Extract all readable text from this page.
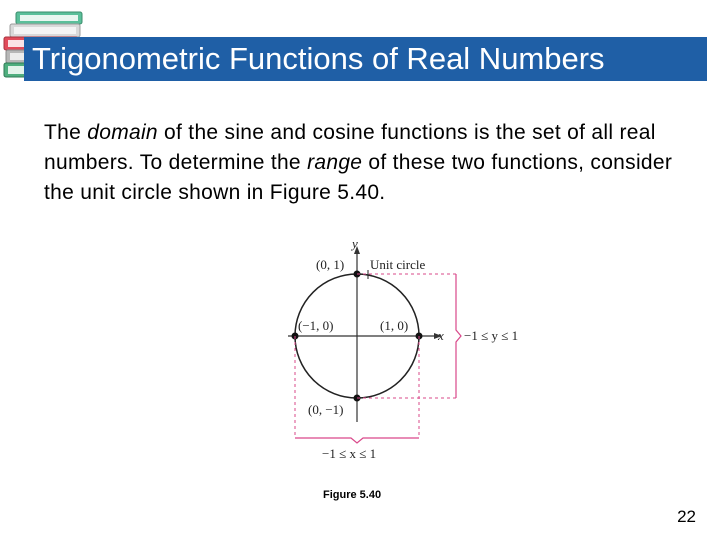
Trigonometric Functions of Real Numbers
The domain of the sine and cosine functions is the set of all real numbers. To determine the range of these two functions, consider the unit circle shown in Figure 5.40.
y
x
(0, 1) Unit circle
(−1, 0)	(1, 0)
(0, −1)
−1 ≤ y ≤ 1
−1 ≤ x ≤ 1
Figure 5.40
22
